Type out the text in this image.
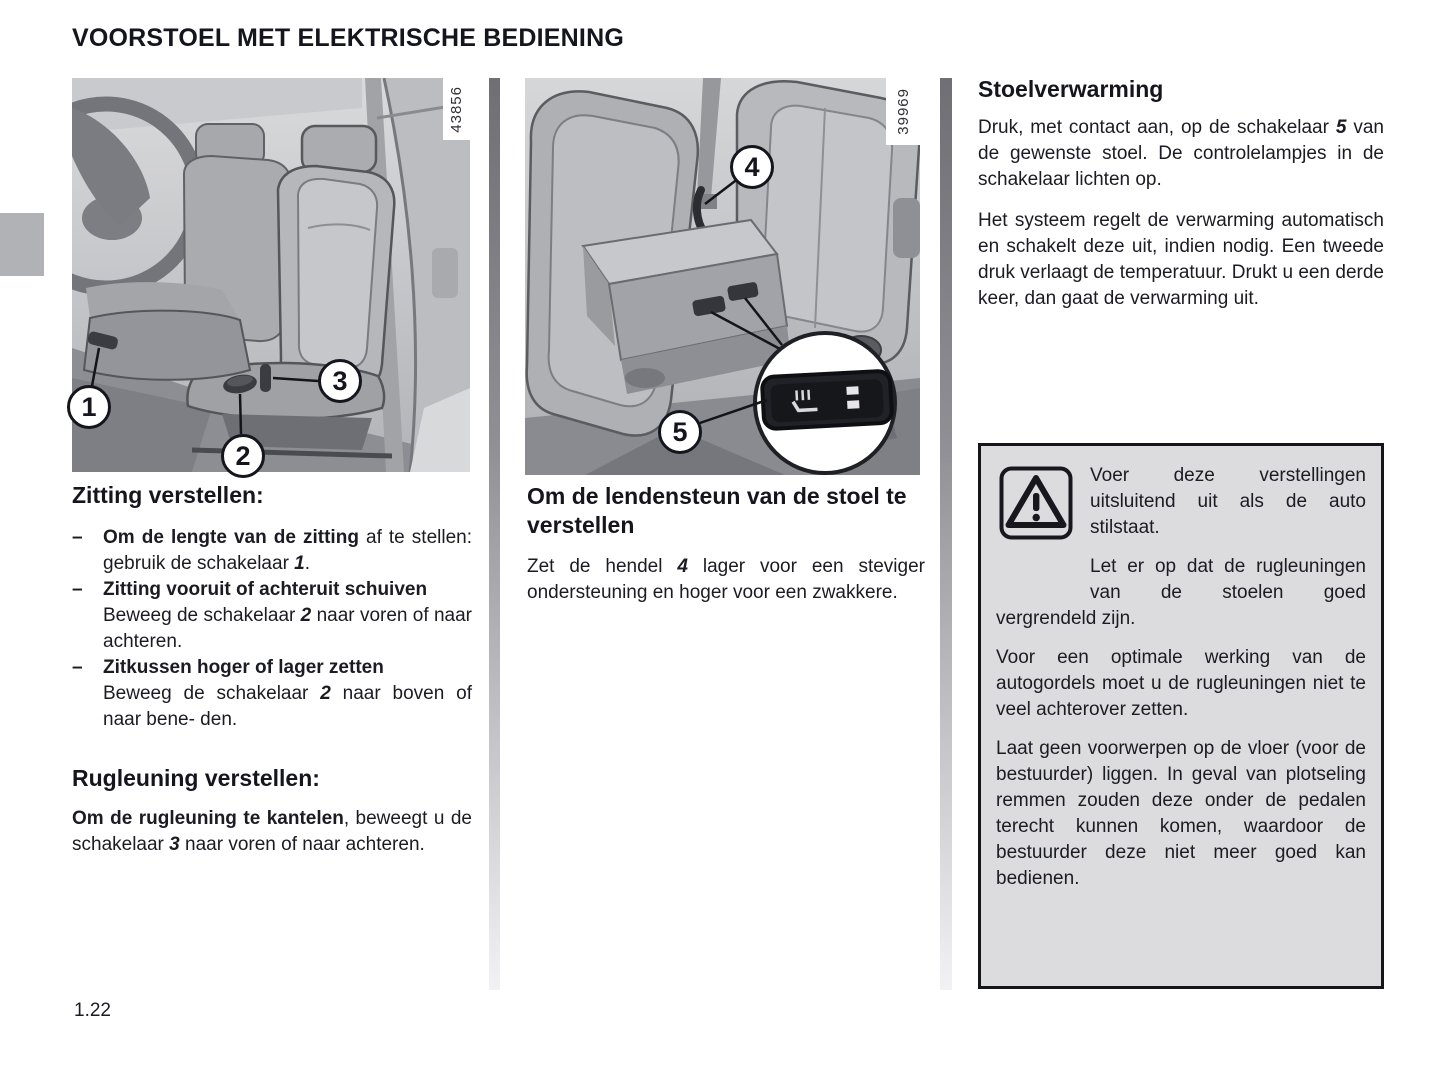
VOORSTOEL MET ELEKTRISCHE BEDIENING
43856
1
2
3
39969
4
5
Zitting verstellen:
– Om de lengte van de zitting af te stellen: gebruik de schakelaar 1.
– Zitting vooruit of achteruit schuiven
Beweeg de schakelaar 2 naar voren of naar achteren.
– Zitkussen hoger of lager zetten
Beweeg de schakelaar 2 naar boven of naar bene- den.
Rugleuning verstellen:

Om de rugleuning te kantelen, beweegt u de schakelaar 3 naar voren of naar achteren.

Om de lendensteun van de stoel te verstellen

Zet de hendel 4 lager voor een steviger ondersteuning en hoger voor een zwakkere.

Stoelverwarming

Druk, met contact aan, op de schakelaar 5 van de gewenste stoel. De controlelampjes in de schakelaar lichten op.

Het systeem regelt de verwarming automatisch en schakelt deze uit, indien nodig. Een tweede druk verlaagt de temperatuur. Drukt u een derde keer, dan gaat de verwarming uit.

Voer deze verstellingen uitsluitend uit als de auto stilstaat.

Let er op dat de rugleuningen van de stoelen goed vergrendeld zijn.

Voor een optimale werking van de autogordels moet u de rugleuningen niet te veel achterover zetten.

Laat geen voorwerpen op de vloer (voor de bestuurder) liggen. In geval van plotseling remmen zouden deze onder de pedalen terecht kunnen komen, waardoor de bestuurder deze niet meer goed kan bedienen.

1.22
